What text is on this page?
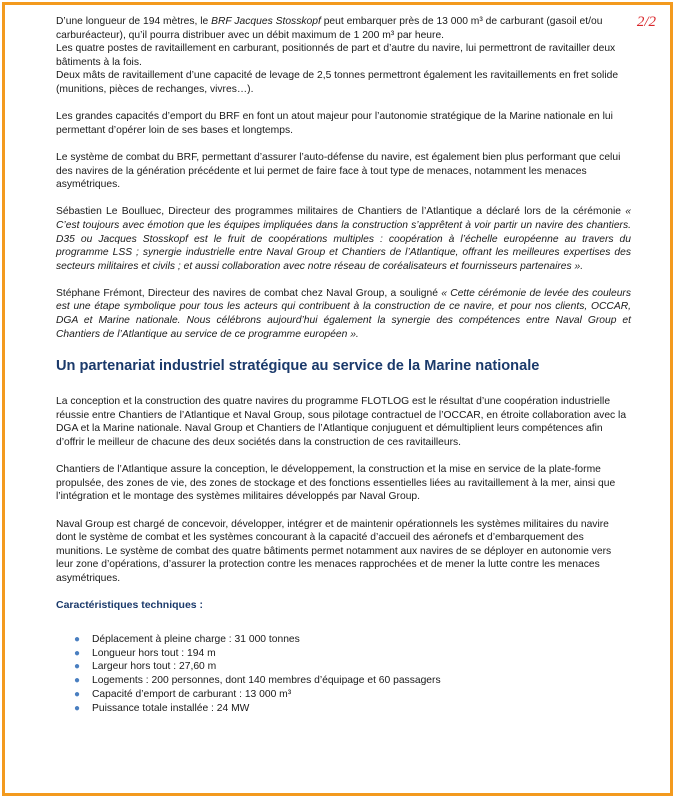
2/2
D’une longueur de 194 mètres, le BRF Jacques Stosskopf peut embarquer près de 13 000 m³ de carburant (gasoil et/ou carburéacteur), qu’il pourra distribuer avec un débit maximum de 1 200 m³ par heure.
Les quatre postes de ravitaillement en carburant, positionnés de part et d’autre du navire, lui permettront de ravitailler deux bâtiments à la fois.
Deux mâts de ravitaillement d’une capacité de levage de 2,5 tonnes permettront également les ravitaillements en fret solide (munitions, pièces de rechanges, vivres…).
Les grandes capacités d’emport du BRF en font un atout majeur pour l’autonomie stratégique de la Marine nationale en lui permettant d’opérer loin de ses bases et longtemps.
Le système de combat du BRF, permettant d’assurer l’auto-défense du navire, est également bien plus performant que celui des navires de la génération précédente et lui permet de faire face à tout type de menaces, notamment les menaces asymétriques.
Sébastien Le Boulluec, Directeur des programmes militaires de Chantiers de l’Atlantique a déclaré lors de la cérémonie « C’est toujours avec émotion que les équipes impliquées dans la construction s’apprêtent à voir partir un navire des chantiers. D35 ou Jacques Stosskopf est le fruit de coopérations multiples : coopération à l’échelle européenne au travers du programme LSS ; synergie industrielle entre Naval Group et Chantiers de l’Atlantique, offrant les meilleures expertises des secteurs militaires et civils ; et aussi collaboration avec notre réseau de coréalisateurs et fournisseurs partenaires ».
Stéphane Frémont, Directeur des navires de combat chez Naval Group, a souligné « Cette cérémonie de levée des couleurs est une étape symbolique pour tous les acteurs qui contribuent à la construction de ce navire, et pour nos clients, OCCAR, DGA et Marine nationale. Nous célébrons aujourd’hui également la synergie des compétences entre Naval Group et Chantiers de l’Atlantique au service de ce programme européen ».
Un partenariat industriel stratégique au service de la Marine nationale
La conception et la construction des quatre navires du programme FLOTLOG est le résultat d’une coopération industrielle réussie entre Chantiers de l’Atlantique et Naval Group, sous pilotage contractuel de l’OCCAR, en étroite collaboration avec la DGA et la Marine nationale. Naval Group et Chantiers de l’Atlantique conjuguent et démultiplient leurs compétences afin d’offrir le meilleur de chacune des deux sociétés dans la construction de ces ravitailleurs.
Chantiers de l’Atlantique assure la conception, le développement, la construction et la mise en service de la plate-forme propulsée, des zones de vie, des zones de stockage et des fonctions essentielles liées au ravitaillement à la mer, ainsi que l’intégration et le montage des systèmes militaires développés par Naval Group.
Naval Group est chargé de concevoir, développer, intégrer et de maintenir opérationnels les systèmes militaires du navire dont le système de combat et les systèmes concourant à la capacité d’accueil des aéronefs et d’embarquement des munitions. Le système de combat des quatre bâtiments permet notamment aux navires de se déployer en autonomie vers leur zone d’opérations, d’assurer la protection contre les menaces rapprochées et de mener la lutte contre les menaces asymétriques.
Caractéristiques techniques :
● Déplacement à pleine charge : 31 000 tonnes
● Longueur hors tout : 194 m
● Largeur hors tout : 27,60 m
● Logements : 200 personnes, dont 140 membres d’équipage et 60 passagers
● Capacité d’emport de carburant : 13 000 m³
● Puissance totale installée : 24 MW
